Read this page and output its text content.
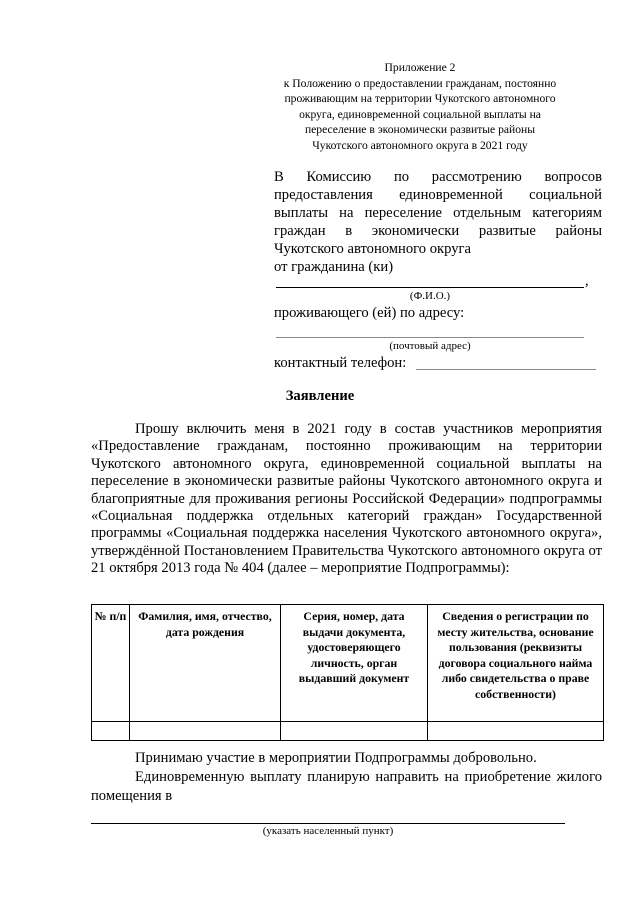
Приложение 2
к Положению о предоставлении гражданам, постоянно
проживающим на территории Чукотского автономного
округа, единовременной социальной выплаты на
переселение в экономически развитые районы
Чукотского автономного округа в 2021 году
В Комиссию по рассмотрению вопросов предоставления единовременной социальной выплаты на переселение отдельным категориям граждан в экономически развитые районы Чукотского автономного округа
от гражданина (ки)
,
(Ф.И.О.)
проживающего (ей) по адресу:
(почтовый адрес)
контактный телефон:
Заявление
Прошу включить меня в 2021 году в состав участников мероприятия «Предоставление гражданам, постоянно проживающим на территории Чукотского автономного округа, единовременной социальной выплаты на переселение в экономически развитые районы Чукотского автономного округа и благоприятные для проживания регионы Российской Федерации» подпрограммы «Социальная поддержка отдельных категорий граждан» Государственной программы «Социальная поддержка населения Чукотского автономного округа», утверждённой Постановлением Правительства Чукотского автономного округа от 21 октября 2013 года № 404 (далее – мероприятие Подпрограммы):
№ п/п	Фамилия, имя, отчество, дата рождения	Серия, номер, дата выдачи документа, удостоверяющего личность, орган выдавший документ	Сведения о регистрации по месту жительства, основание пользования (реквизиты договора социального найма либо свидетельства о праве собственности)

Принимаю участие в мероприятии Подпрограммы добровольно.
Единовременную выплату планирую направить на приобретение жилого помещения в
(указать населенный пункт)
